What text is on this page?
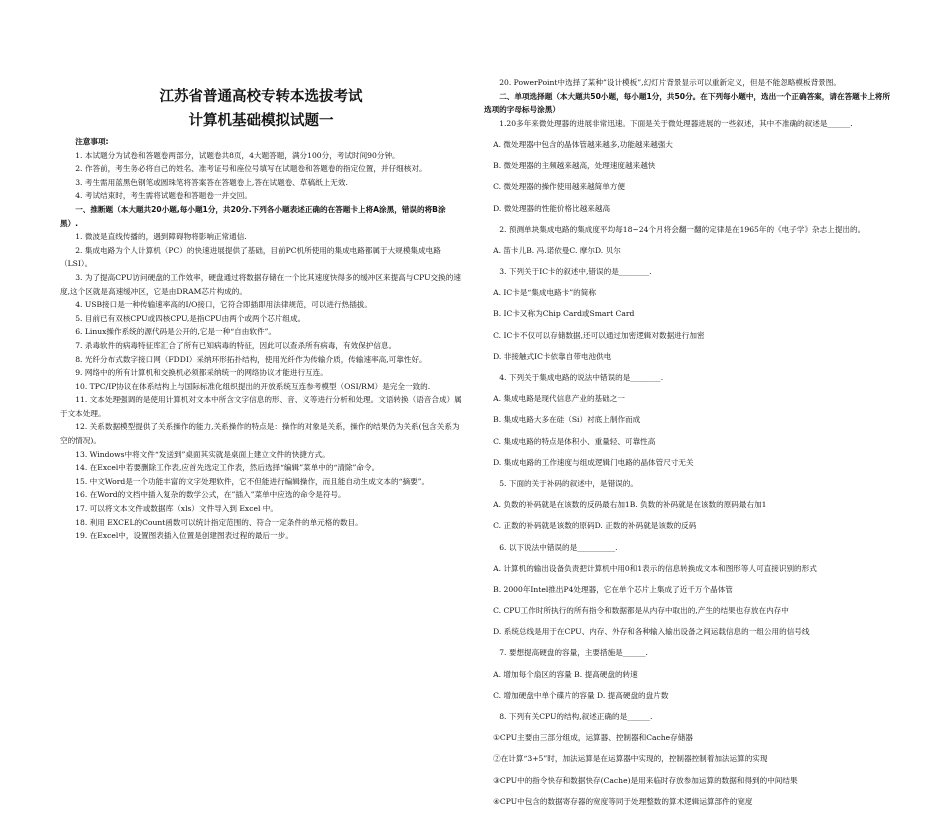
江苏省普通高校专转本选拔考试
计算机基础模拟试题一

注意事项:

1. 本试题分为试卷和答题卷两部分，试题卷共8页，4大题答题，满分100分，考试时间90分钟。

2. 作答前，考生务必将自己的姓名、准考证号和座位号填写在试题卷和答题卷的指定位置，并仔细核对。

3. 考生需用蓝黑色钢笔或圆珠笔将答案答在答题卷上,答在试题卷、草稿纸上无效.

4. 考试结束时，考生需将试题卷和答题卷一并交回。

一、推断题（本大题共20小题,每小题1分，共20分.下列各小题表述正确的在答题卡上将A涂黑，错误的将B涂黑）.

1. 微波是直线传播的，遇到障碍物将影响正常通信.

2. 集成电路为个人计算机（PC）的快速进展提供了基础，目前PC机所使用的集成电路都属于大规模集成电路（LSI）。

3. 为了提高CPU访问硬盘的工作效率，硬盘通过将数据存储在一个比其速度快得多的缓冲区来提高与CPU交换的速度,这个区就是高速缓冲区，它是由DRAM芯片构成的。

4. USB接口是一种传输速率高的I/O接口，它符合即插即用法律规范，可以进行热插拔。

5. 目前已有双核CPU或四核CPU,是指CPU由两个或两个芯片组成。

6. Linux操作系统的源代码是公开的,它是一种“自由软件”。

7. 杀毒软件的病毒特征库汇合了所有已知病毒的特征，因此可以查杀所有病毒，有效保护信息。

8. 光纤分布式数字接口网（FDDI）采纳环形拓扑结构，使用光纤作为传输介质，传输速率高,可靠性好。

9. 网络中的所有计算机和交换机必须都采纳统一的网络协议才能进行互连。

10. TPC/IP协议在体系结构上与国际标准化组织提出的开放系统互连参考模型（OSI/RM）是完全一致的.

11. 文本处理强调的是使用计算机对文本中所含文字信息的形、音、义等进行分析和处理。文语转换（语音合成）属于文本处理。

12. 关系数据模型提供了关系操作的能力,关系操作的特点是：操作的对象是关系，操作的结果仍为关系(包含关系为空的情况)。

13. Windows中将文件“发送到”桌面其实就是桌面上建立文件的快捷方式。

14. 在Excel中若要删除工作表,应首先选定工作表，然后选择“编辑”菜单中的“清除”命令。

15. 中文Word是一个功能丰富的文字处理软件，它不但能进行编辑操作，而且能自动生成文本的“摘要”。

16. 在Word的文档中插入复杂的数学公式，在”插入”菜单中应选的命令是符号。

17. 可以将文本文件或数据库（xls）文件导入到 Excel 中。

18. 利用 EXCEL的Count函数可以统计指定范围的、符合一定条件的单元格的数目。

19. 在Excel中，设置图表插入位置是创建图表过程的最后一步。

20. PowerPoint中选择了某种”设计模板”,幻灯片背景显示可以重新定义，但是不能忽略模板背景图。

二、单项选择题（本大题共50小题，每小题1分，共50分。在下列每小题中，选出一个正确答案，请在答题卡上将所选项的字母标号涂黑）

1.20多年来微处理器的进展非常迅速。下面是关于微处理器进展的一些叙述，其中不准确的叙述是______.

A. 微处理器中包含的晶体管越来越多,功能越来越强大

B. 微处理器的主频越来越高，处理速度越来越快

C. 微处理器的操作使用越来越简单方便

D. 微处理器的性能价格比越来越高

2. 预测单块集成电路的集成度平均每18~24个月将会翻一翻的定律是在1965年的《电子学》杂志上提出的。

A. 笛卡儿B. 冯.诺依曼C. 摩尔D. 贝尔

3. 下列关于IC卡的叙述中,错误的是________.

A. IC卡是“集成电路卡”的简称

B. IC卡又称为Chip Card或Smart Card

C. IC卡不仅可以存储数据,还可以通过加密逻辑对数据进行加密

D. 非接触式IC卡依靠自带电池供电

4. 下列关于集成电路的说法中错误的是________.

A. 集成电路是现代信息产业的基础之一

B. 集成电路大多在硅（Si）衬底上制作而成

C. 集成电路的特点是体积小、重量轻、可靠性高

D. 集成电路的工作速度与组成逻辑门电路的晶体管尺寸无关

5. 下面的关于补码的叙述中，是错误的。

A. 负数的补码就是在该数的反码最右加1B. 负数的补码就是在该数的原码最右加1

C. 正数的补码就是该数的原码D. 正数的补码就是该数的反码

6. 以下说法中错误的是__________.

A. 计算机的输出设备负责把计算机中用0和1表示的信息转换成文本和图形等人可直接识别的形式

B. 2000年Intel推出P4处理器，它在单个芯片上集成了近千万个晶体管

C. CPU工作时所执行的所有指令和数据都是从内存中取出的,产生的结果也存放在内存中

D. 系统总线是用于在CPU、内存、外存和各种输入输出设备之间运载信息的一组公用的信号线

7. 要想提高硬盘的容量，主要措施是______.

A. 增加每个扇区的容量 B. 提高硬盘的转速

C. 增加硬盘中单个碟片的容量 D. 提高硬盘的盘片数

8. 下列有关CPU的结构,叙述正确的是______.

①CPU主要由三部分组成，运算器、控制器和Cache存储器

②在计算“3+5”时，加法运算是在运算器中实现的，控制器控制着加法运算的实现

③CPU中的指令快存和数据快存(Cache)是用来临时存放参加运算的数据和得到的中间结果

④CPU中包含的数据寄存器的宽度等同于处理整数的算术逻辑运算部件的宽度
